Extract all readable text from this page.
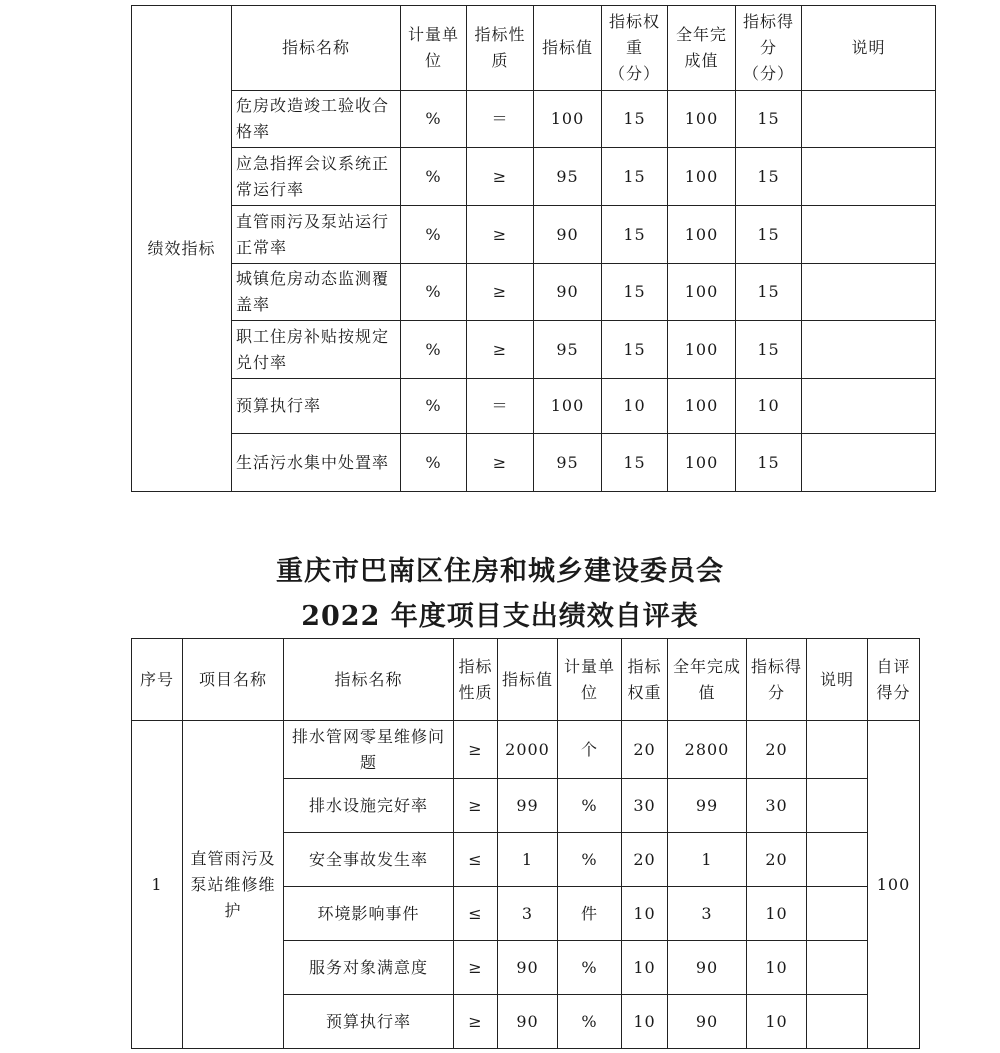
绩效指标	指标名称	计量单位	指标性质	指标值	指标权重（分）	全年完成值	指标得分（分）	说明
	危房改造竣工验收合格率	%	＝	100	15	100	15	
	应急指挥会议系统正常运行率	%	≥	95	15	100	15	
	直管雨污及泵站运行正常率	%	≥	90	15	100	15	
	城镇危房动态监测覆盖率	%	≥	90	15	100	15	
	职工住房补贴按规定兑付率	%	≥	95	15	100	15	
	预算执行率	%	＝	100	10	100	10	
	生活污水集中处置率	%	≥	95	15	100	15	
重庆市巴南区住房和城乡建设委员会
2022 年度项目支出绩效自评表
序号	项目名称	指标名称	指标性质	指标值	计量单位	指标权重	全年完成值	指标得分	说明	自评得分
1	直管雨污及泵站维修维护	排水管网零星维修问题	≥	2000	个	20	2800	20		100
		排水设施完好率	≥	99	%	30	99	30		
		安全事故发生率	≤	1	%	20	1	20		
		环境影响事件	≤	3	件	10	3	10		
		服务对象满意度	≥	90	%	10	90	10		
		预算执行率	≥	90	%	10	90	10		
